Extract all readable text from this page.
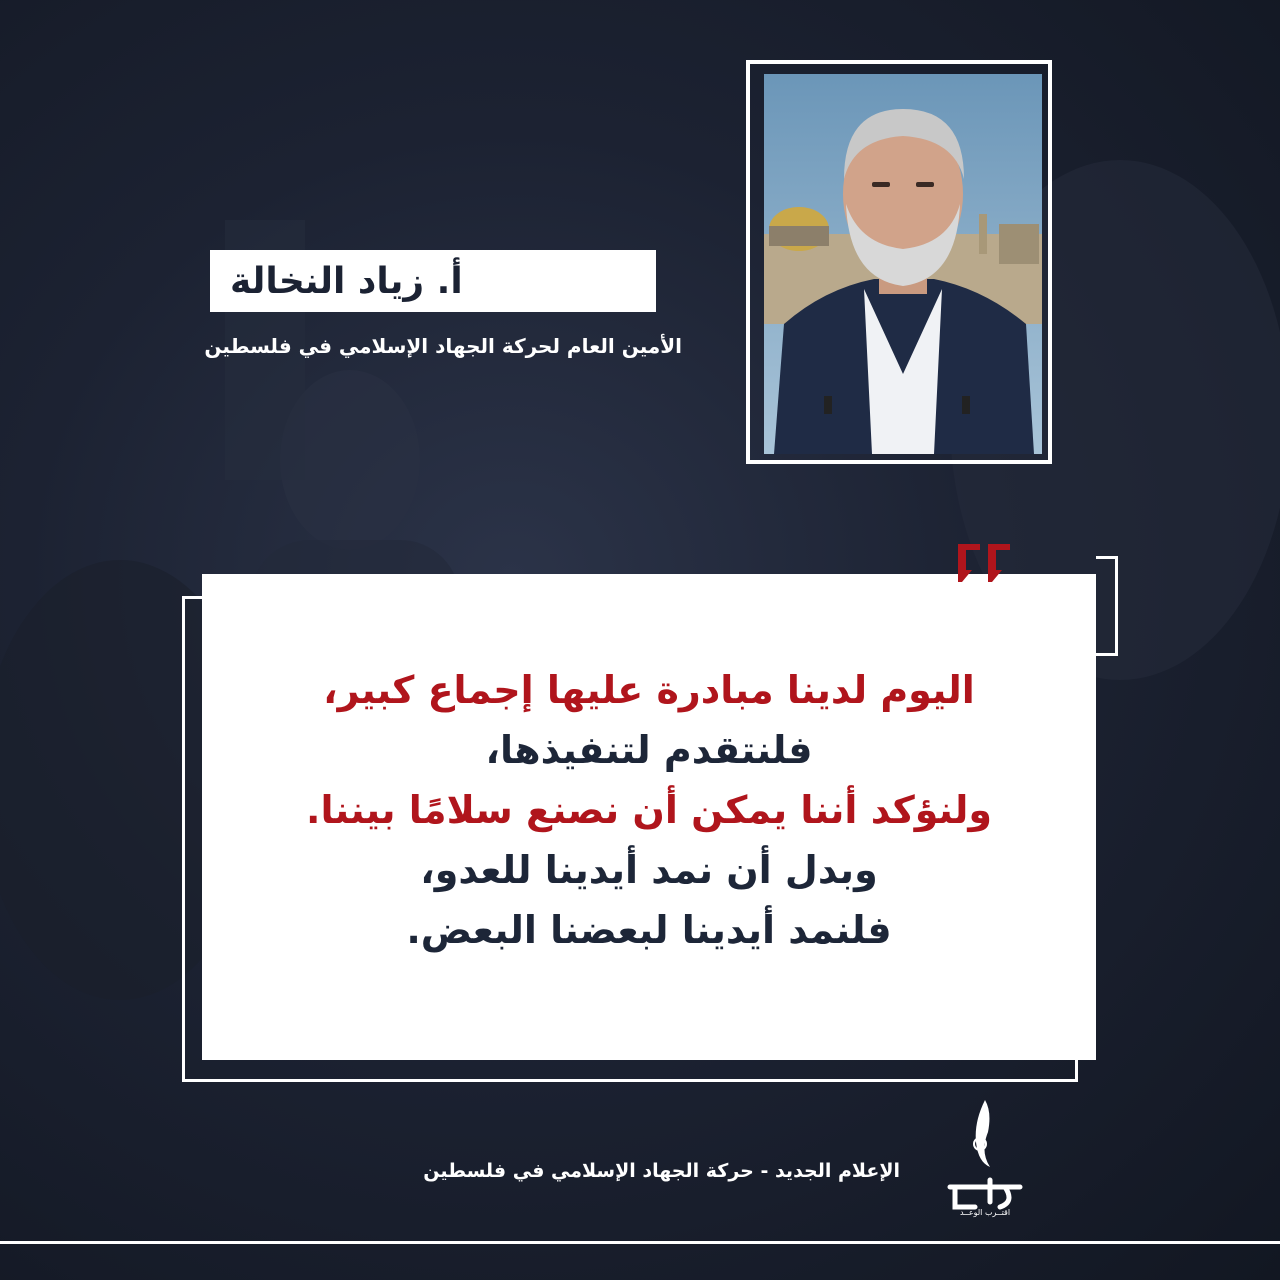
أ. زياد النخالة
الأمين العام لحركة الجهاد الإسلامي في فلسطين
اليوم لدينا مبادرة عليها إجماع كبير،
فلنتقدم لتنفيذها،
ولنؤكد أننا يمكن أن نصنع سلامًا بيننا.
وبدل أن نمد أيدينا للعدو،
فلنمد أيدينا لبعضنا البعض.
الإعلام الجديد - حركة الجهاد الإسلامي في فلسطين
اقتــرب الوعــد
